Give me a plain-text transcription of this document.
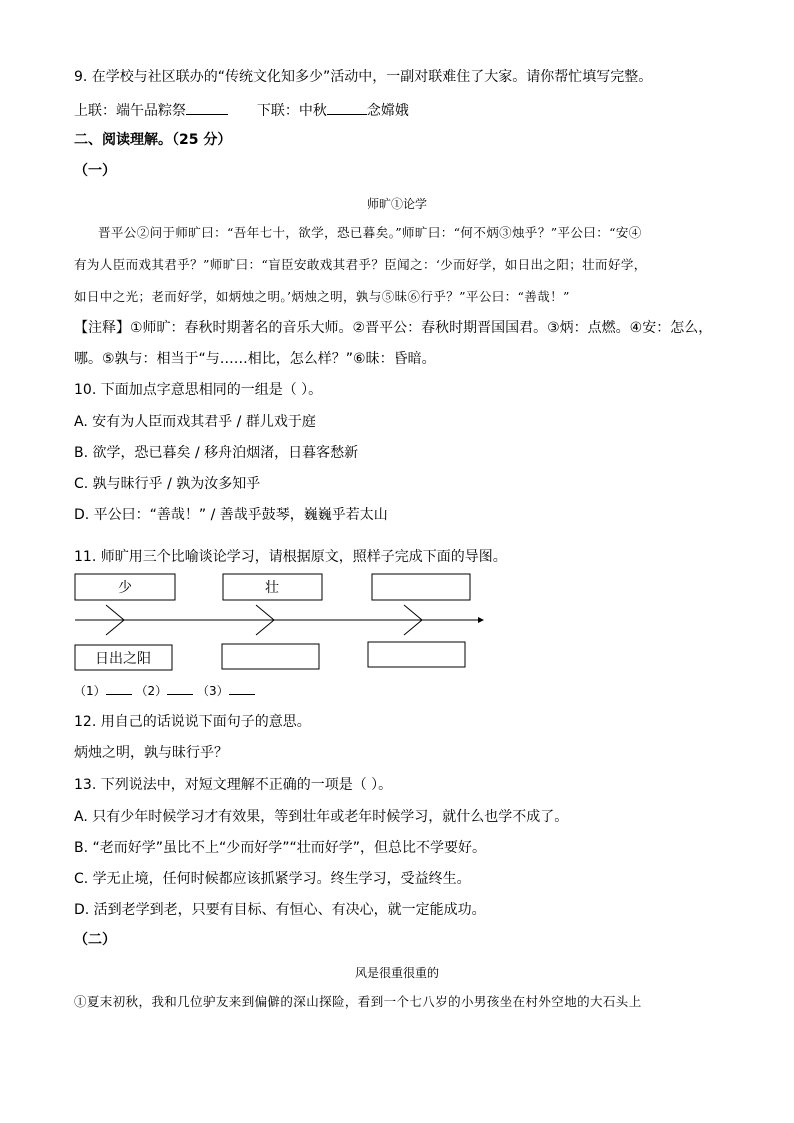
9. 在学校与社区联办的“传统文化知多少”活动中，一副对联难住了大家。请你帮忙填写完整。
上联：端午品粽祭	下联：中秋	念嫦娥
二、阅读理解。（25 分）
（一）
师旷①论学
晋平公②问于师旷曰：“吾年七十，欲学，恐已暮矣。”师旷曰：“何不炳③烛乎？”平公曰：“安④
有为人臣而戏其君乎？”师旷曰：“盲臣安敢戏其君乎？臣闻之：‘少而好学，如日出之阳；壮而好学，
如日中之光；老而好学，如炳烛之明。’炳烛之明，孰与⑤昧⑥行乎？”平公曰：“善哉！”
【注释】①师旷：春秋时期著名的音乐大师。②晋平公：春秋时期晋国国君。③炳：点燃。④安：怎么，
哪。⑤孰与：相当于“与……相比，怎么样？”⑥昧：昏暗。
10. 下面加点字意思相同的一组是（ ）。
A. 安有为人臣而戏其君乎 / 群儿戏于庭
B. 欲学，恐已暮矣 / 移舟泊烟渚，日暮客愁新
C. 孰与昧行乎 / 孰为汝多知乎
D. 平公曰：“善哉！” / 善哉乎鼓琴，巍巍乎若太山
11. 师旷用三个比喻谈论学习，请根据原文，照样子完成下面的导图。
少	壮
日出之阳
（1） （2） （3）
12. 用自己的话说说下面句子的意思。
炳烛之明，孰与昧行乎？
13. 下列说法中，对短文理解不正确的一项是（ ）。
A. 只有少年时候学习才有效果，等到壮年或老年时候学习，就什么也学不成了。
B. “老而好学”虽比不上“少而好学”“壮而好学”，但总比不学要好。
C. 学无止境，任何时候都应该抓紧学习。终生学习，受益终生。
D. 活到老学到老，只要有目标、有恒心、有决心，就一定能成功。
（二）
风是很重很重的
①夏末初秋，我和几位驴友来到偏僻的深山探险，看到一个七八岁的小男孩坐在村外空地的大石头上
